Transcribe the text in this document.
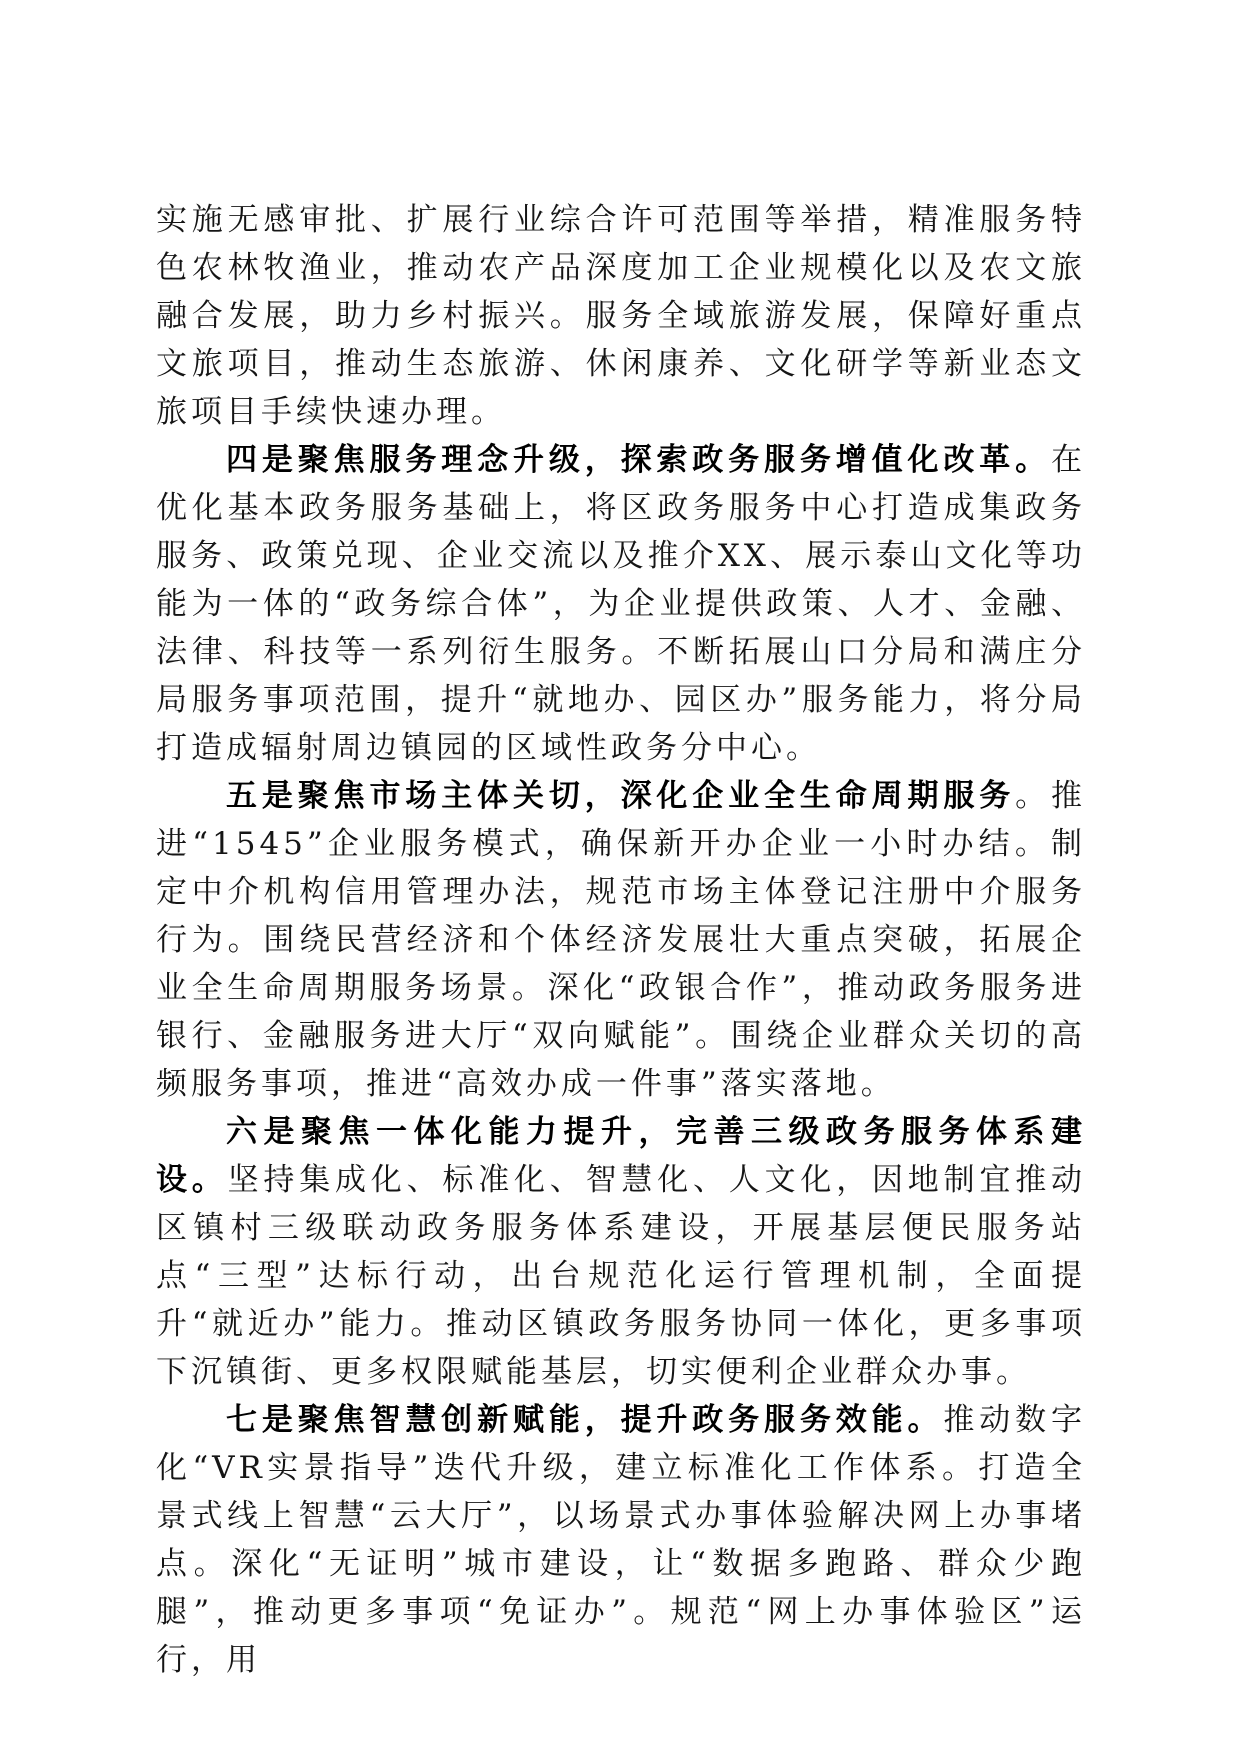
实施无感审批、扩展行业综合许可范围等举措，精准服务特色农林牧渔业，推动农产品深度加工企业规模化以及农文旅融合发展，助力乡村振兴。服务全域旅游发展，保障好重点文旅项目，推动生态旅游、休闲康养、文化研学等新业态文旅项目手续快速办理。

四是聚焦服务理念升级，探索政务服务增值化改革。在优化基本政务服务基础上，将区政务服务中心打造成集政务服务、政策兑现、企业交流以及推介XX、展示泰山文化等功能为一体的“政务综合体”，为企业提供政策、人才、金融、法律、科技等一系列衍生服务。不断拓展山口分局和满庄分局服务事项范围，提升“就地办、园区办”服务能力，将分局打造成辐射周边镇园的区域性政务分中心。

五是聚焦市场主体关切，深化企业全生命周期服务。推进“1545”企业服务模式，确保新开办企业一小时办结。制定中介机构信用管理办法，规范市场主体登记注册中介服务行为。围绕民营经济和个体经济发展壮大重点突破，拓展企业全生命周期服务场景。深化“政银合作”，推动政务服务进银行、金融服务进大厅“双向赋能”。围绕企业群众关切的高频服务事项，推进“高效办成一件事”落实落地。

六是聚焦一体化能力提升，完善三级政务服务体系建设。坚持集成化、标准化、智慧化、人文化，因地制宜推动区镇村三级联动政务服务体系建设，开展基层便民服务站点“三型”达标行动，出台规范化运行管理机制，全面提升“就近办”能力。推动区镇政务服务协同一体化，更多事项下沉镇街、更多权限赋能基层，切实便利企业群众办事。

七是聚焦智慧创新赋能，提升政务服务效能。推动数字化“VR实景指导”迭代升级，建立标准化工作体系。打造全景式线上智慧“云大厅”，以场景式办事体验解决网上办事堵点。深化“无证明”城市建设，让“数据多跑路、群众少跑腿”，推动更多事项“免证办”。规范“网上办事体验区”运行，用
